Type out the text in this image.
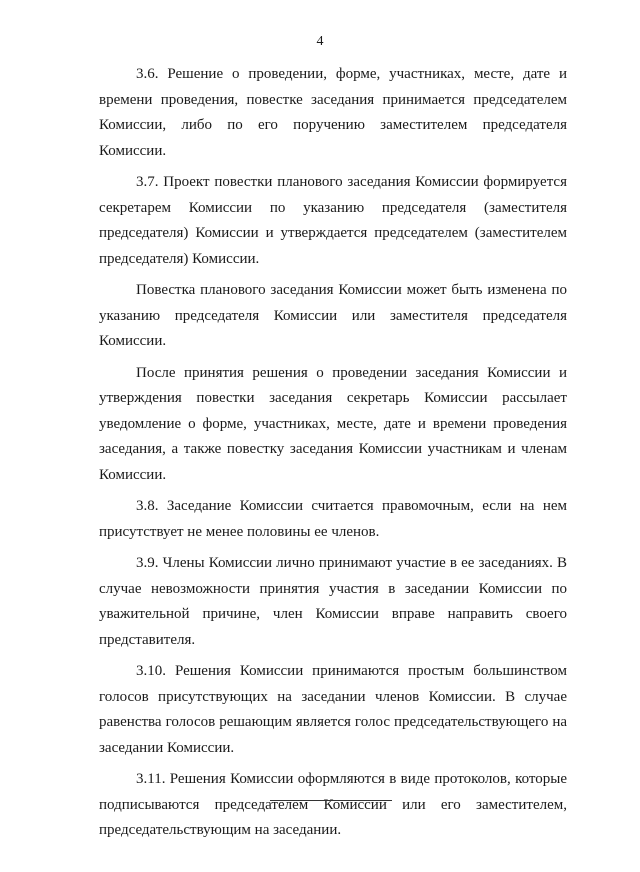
4

3.6. Решение о проведении, форме, участниках, месте, дате и времени проведения, повестке заседания принимается председателем Комиссии, либо по его поручению заместителем председателя Комиссии.

3.7. Проект повестки планового заседания Комиссии формируется секретарем Комиссии по указанию председателя (заместителя председателя) Комиссии и утверждается председателем (заместителем председателя) Комиссии.

Повестка планового заседания Комиссии может быть изменена по указанию председателя Комиссии или заместителя председателя Комиссии.

После принятия решения о проведении заседания Комиссии и утверждения повестки заседания секретарь Комиссии рассылает уведомление о форме, участниках, месте, дате и времени проведения заседания, а также повестку заседания Комиссии участникам и членам Комиссии.

3.8. Заседание Комиссии считается правомочным, если на нем присутствует не менее половины ее членов.

3.9. Члены Комиссии лично принимают участие в ее заседаниях. В случае невозможности принятия участия в заседании Комиссии по уважительной причине, член Комиссии вправе направить своего представителя.

3.10. Решения Комиссии принимаются простым большинством голосов присутствующих на заседании членов Комиссии. В случае равенства голосов решающим является голос председательствующего на заседании Комиссии.

3.11. Решения Комиссии оформляются в виде протоколов, которые подписываются председателем Комиссии или его заместителем, председательствующим на заседании.
